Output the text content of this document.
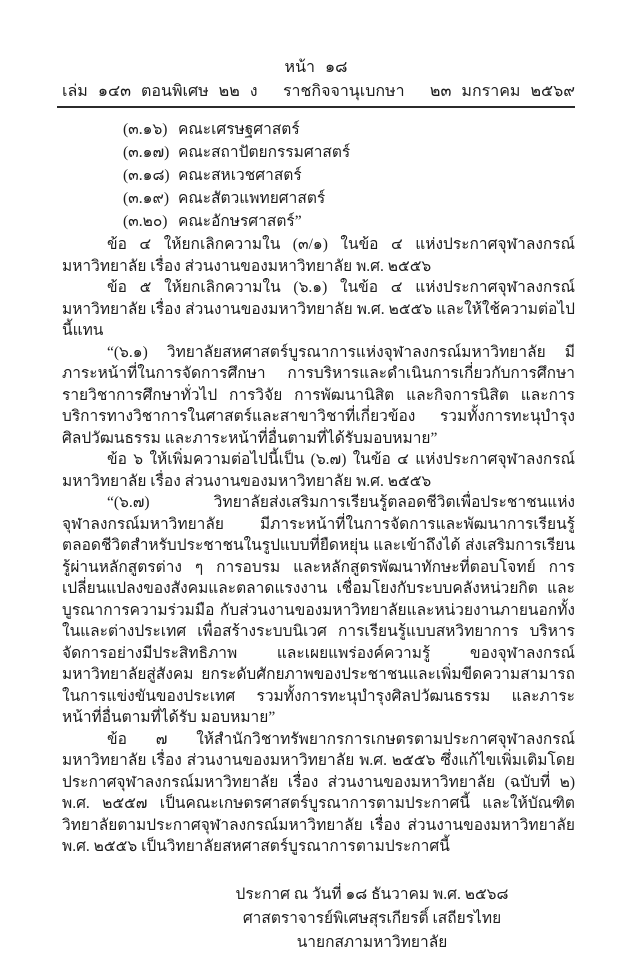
หน้า ๑๘
เล่ม ๑๔๓ ตอนพิเศษ ๒๒ ง	ราชกิจจานุเบกษา	๒๓ มกราคม ๒๕๖๙
(๓.๑๖) คณะเศรษฐศาสตร์
(๓.๑๗) คณะสถาปัตยกรรมศาสตร์
(๓.๑๘) คณะสหเวชศาสตร์
(๓.๑๙) คณะสัตวแพทยศาสตร์
(๓.๒๐) คณะอักษรศาสตร์”

ข้อ ๔ ให้ยกเลิกความใน (๓/๑) ในข้อ ๔ แห่งประกาศจุฬาลงกรณ์มหาวิทยาลัย เรื่อง ส่วนงานของมหาวิทยาลัย พ.ศ. ๒๕๕๖

ข้อ ๕ ให้ยกเลิกความใน (๖.๑) ในข้อ ๔ แห่งประกาศจุฬาลงกรณ์มหาวิทยาลัย เรื่อง ส่วนงานของมหาวิทยาลัย พ.ศ. ๒๕๕๖ และให้ใช้ความต่อไปนี้แทน

“(๖.๑) วิทยาลัยสหศาสตร์บูรณาการแห่งจุฬาลงกรณ์มหาวิทยาลัย มีภาระหน้าที่ในการจัดการศึกษา การบริหารและดำเนินการเกี่ยวกับการศึกษารายวิชาการศึกษาทั่วไป การวิจัย การพัฒนานิสิต และกิจการนิสิต และการบริการทางวิชาการในศาสตร์และสาขาวิชาที่เกี่ยวข้อง รวมทั้งการทะนุบำรุง ศิลปวัฒนธรรม และภาระหน้าที่อื่นตามที่ได้รับมอบหมาย”

ข้อ ๖ ให้เพิ่มความต่อไปนี้เป็น (๖.๗) ในข้อ ๔ แห่งประกาศจุฬาลงกรณ์มหาวิทยาลัย เรื่อง ส่วนงานของมหาวิทยาลัย พ.ศ. ๒๕๕๖

“(๖.๗) วิทยาลัยส่งเสริมการเรียนรู้ตลอดชีวิตเพื่อประชาชนแห่งจุฬาลงกรณ์มหาวิทยาลัย มีภาระหน้าที่ในการจัดการและพัฒนาการเรียนรู้ตลอดชีวิตสำหรับประชาชนในรูปแบบที่ยืดหยุ่น และเข้าถึงได้ ส่งเสริมการเรียนรู้ผ่านหลักสูตรต่าง ๆ การอบรม และหลักสูตรพัฒนาทักษะที่ตอบโจทย์ การเปลี่ยนแปลงของสังคมและตลาดแรงงาน เชื่อมโยงกับระบบคลังหน่วยกิต และบูรณาการความร่วมมือ กับส่วนงานของมหาวิทยาลัยและหน่วยงานภายนอกทั้งในและต่างประเทศ เพื่อสร้างระบบนิเวศ การเรียนรู้แบบสหวิทยาการ บริหารจัดการอย่างมีประสิทธิภาพ และเผยแพร่องค์ความรู้ ของจุฬาลงกรณ์มหาวิทยาลัยสู่สังคม ยกระดับศักยภาพของประชาชนและเพิ่มขีดความสามารถ ในการแข่งขันของประเทศ รวมทั้งการทะนุบำรุงศิลปวัฒนธรรม และภาระหน้าที่อื่นตามที่ได้รับ มอบหมาย”

ข้อ ๗ ให้สำนักวิชาทรัพยากรการเกษตรตามประกาศจุฬาลงกรณ์มหาวิทยาลัย เรื่อง ส่วนงานของมหาวิทยาลัย พ.ศ. ๒๕๕๖ ซึ่งแก้ไขเพิ่มเติมโดยประกาศจุฬาลงกรณ์มหาวิทยาลัย เรื่อง ส่วนงานของมหาวิทยาลัย (ฉบับที่ ๒) พ.ศ. ๒๕๕๗ เป็นคณะเกษตรศาสตร์บูรณาการตามประกาศนี้ และให้บัณฑิตวิทยาลัยตามประกาศจุฬาลงกรณ์มหาวิทยาลัย เรื่อง ส่วนงานของมหาวิทยาลัย พ.ศ. ๒๕๕๖ เป็นวิทยาลัยสหศาสตร์บูรณาการตามประกาศนี้

ประกาศ ณ วันที่ ๑๘ ธันวาคม พ.ศ. ๒๕๖๘
ศาสตราจารย์พิเศษสุรเกียรติ์ เสถียรไทย
นายกสภามหาวิทยาลัย
